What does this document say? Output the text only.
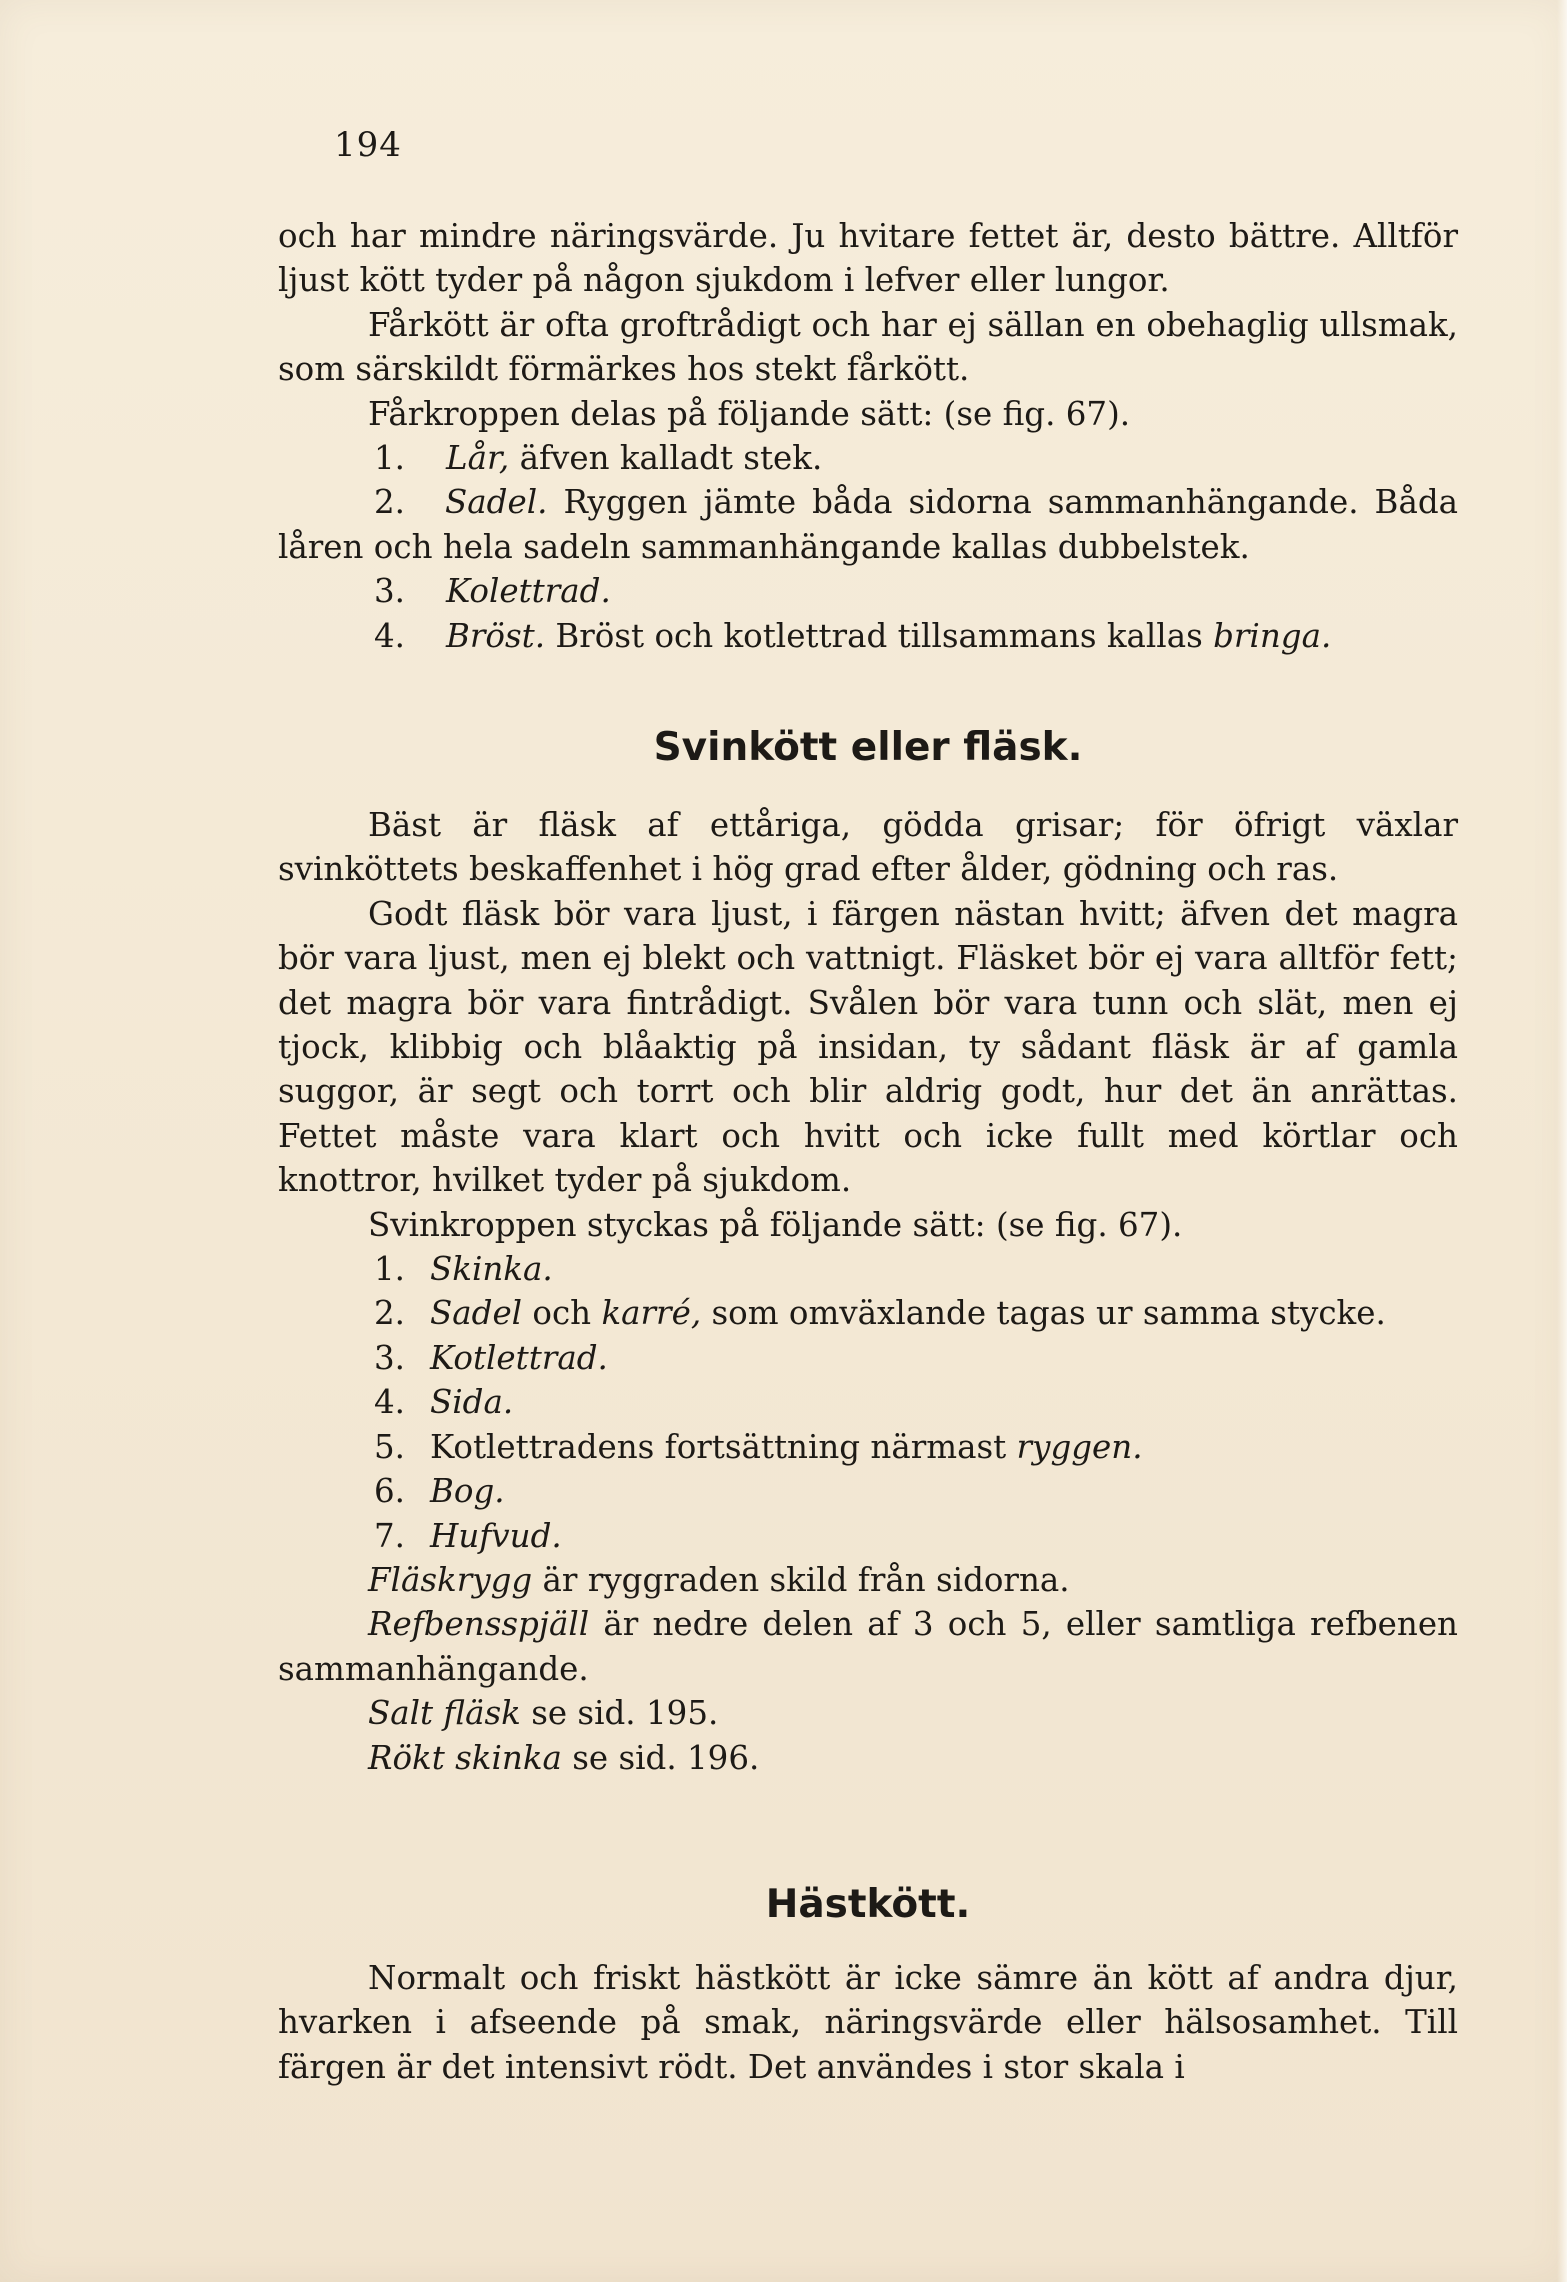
194
och har mindre näringsvärde. Ju hvitare fettet är, desto bättre. Alltför ljust kött tyder på någon sjukdom i lefver eller lungor.
Fårkött är ofta groftrådigt och har ej sällan en obehaglig ullsmak, som särskildt förmärkes hos stekt fårkött.
Fårkroppen delas på följande sätt: (se fig. 67).
1. Lår, äfven kalladt stek.
2. Sadel. Ryggen jämte båda sidorna sammanhängande. Båda låren och hela sadeln sammanhängande kallas dubbelstek.
3. Kolettrad.
4. Bröst. Bröst och kotlettrad tillsammans kallas bringa.
Svinkött eller fläsk.
Bäst är fläsk af ettåriga, gödda grisar; för öfrigt växlar svinköttets beskaffenhet i hög grad efter ålder, gödning och ras.
Godt fläsk bör vara ljust, i färgen nästan hvitt; äfven det magra bör vara ljust, men ej blekt och vattnigt. Fläsket bör ej vara alltför fett; det magra bör vara fintrådigt. Svålen bör vara tunn och slät, men ej tjock, klibbig och blåaktig på insidan, ty sådant fläsk är af gamla suggor, är segt och torrt och blir aldrig godt, hur det än anrättas. Fettet måste vara klart och hvitt och icke fullt med körtlar och knottror, hvilket tyder på sjukdom.
Svinkroppen styckas på följande sätt: (se fig. 67).
1. Skinka.
2. Sadel och karré, som omväxlande tagas ur samma stycke.
3. Kotlettrad.
4. Sida.
5. Kotlettradens fortsättning närmast ryggen.
6. Bog.
7. Hufvud.
Fläskrygg är ryggraden skild från sidorna.
Refbensspjäll är nedre delen af 3 och 5, eller samtliga refbenen sammanhängande.
Salt fläsk se sid. 195.
Rökt skinka se sid. 196.
Hästkött.
Normalt och friskt hästkött är icke sämre än kött af andra djur, hvarken i afseende på smak, näringsvärde eller hälsosamhet. Till färgen är det intensivt rödt. Det användes i stor skala i
